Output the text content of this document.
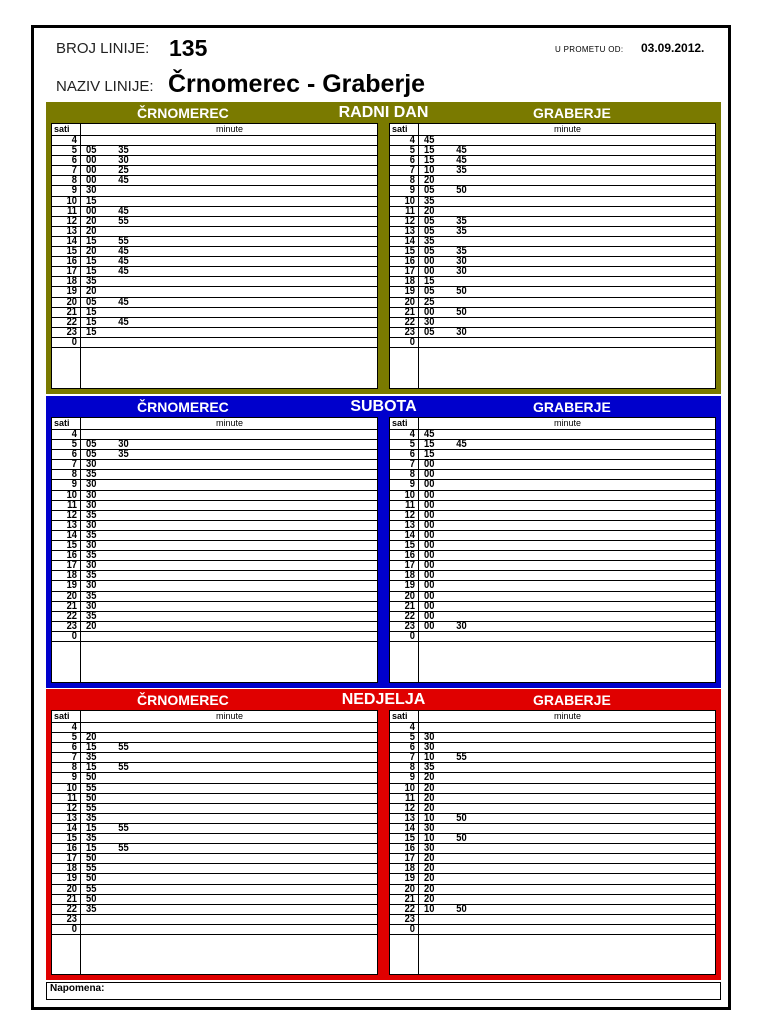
BROJ LINIJE: 135	U PROMETU OD: 03.09.2012.
NAZIV LINIJE: Črnomerec - Graberje
ČRNOMEREC	RADNI DAN	GRABERJE
sati	minute
4
5 05 35
6 00 30
7 00 25
8 00 45
9 30
10 15
11 00 45
12 20 55
13 20
14 15 55
15 20 45
16 15 45
17 15 45
18 35
19 20
20 05 45
21 15
22 15 45
23 15
0
sati	minute
4 45
5 15 45
6 15 45
7 10 35
8 20
9 05 50
10 35
11 20
12 05 35
13 05 35
14 35
15 05 35
16 00 30
17 00 30
18 15
19 05 50
20 25
21 00 50
22 30
23 05 30
0
ČRNOMEREC	SUBOTA	GRABERJE
sati	minute
4
5 05 30
6 05 35
7 30
8 35
9 30
10 30
11 30
12 35
13 30
14 35
15 30
16 35
17 30
18 35
19 30
20 35
21 30
22 35
23 20
0
sati	minute
4 45
5 15 45
6 15
7 00
8 00
9 00
10 00
11 00
12 00
13 00
14 00
15 00
16 00
17 00
18 00
19 00
20 00
21 00
22 00
23 00 30
0
ČRNOMEREC	NEDJELJA	GRABERJE
sati	minute
4
5 20
6 15 55
7 35
8 15 55
9 50
10 55
11 50
12 55
13 35
14 15 55
15 35
16 15 55
17 50
18 55
19 50
20 55
21 50
22 35
23
0
sati	minute
4
5 30
6 30
7 10 55
8 35
9 20
10 20
11 20
12 20
13 10 50
14 30
15 10 50
16 30
17 20
18 20
19 20
20 20
21 20
22 10 50
23
0
Napomena:
